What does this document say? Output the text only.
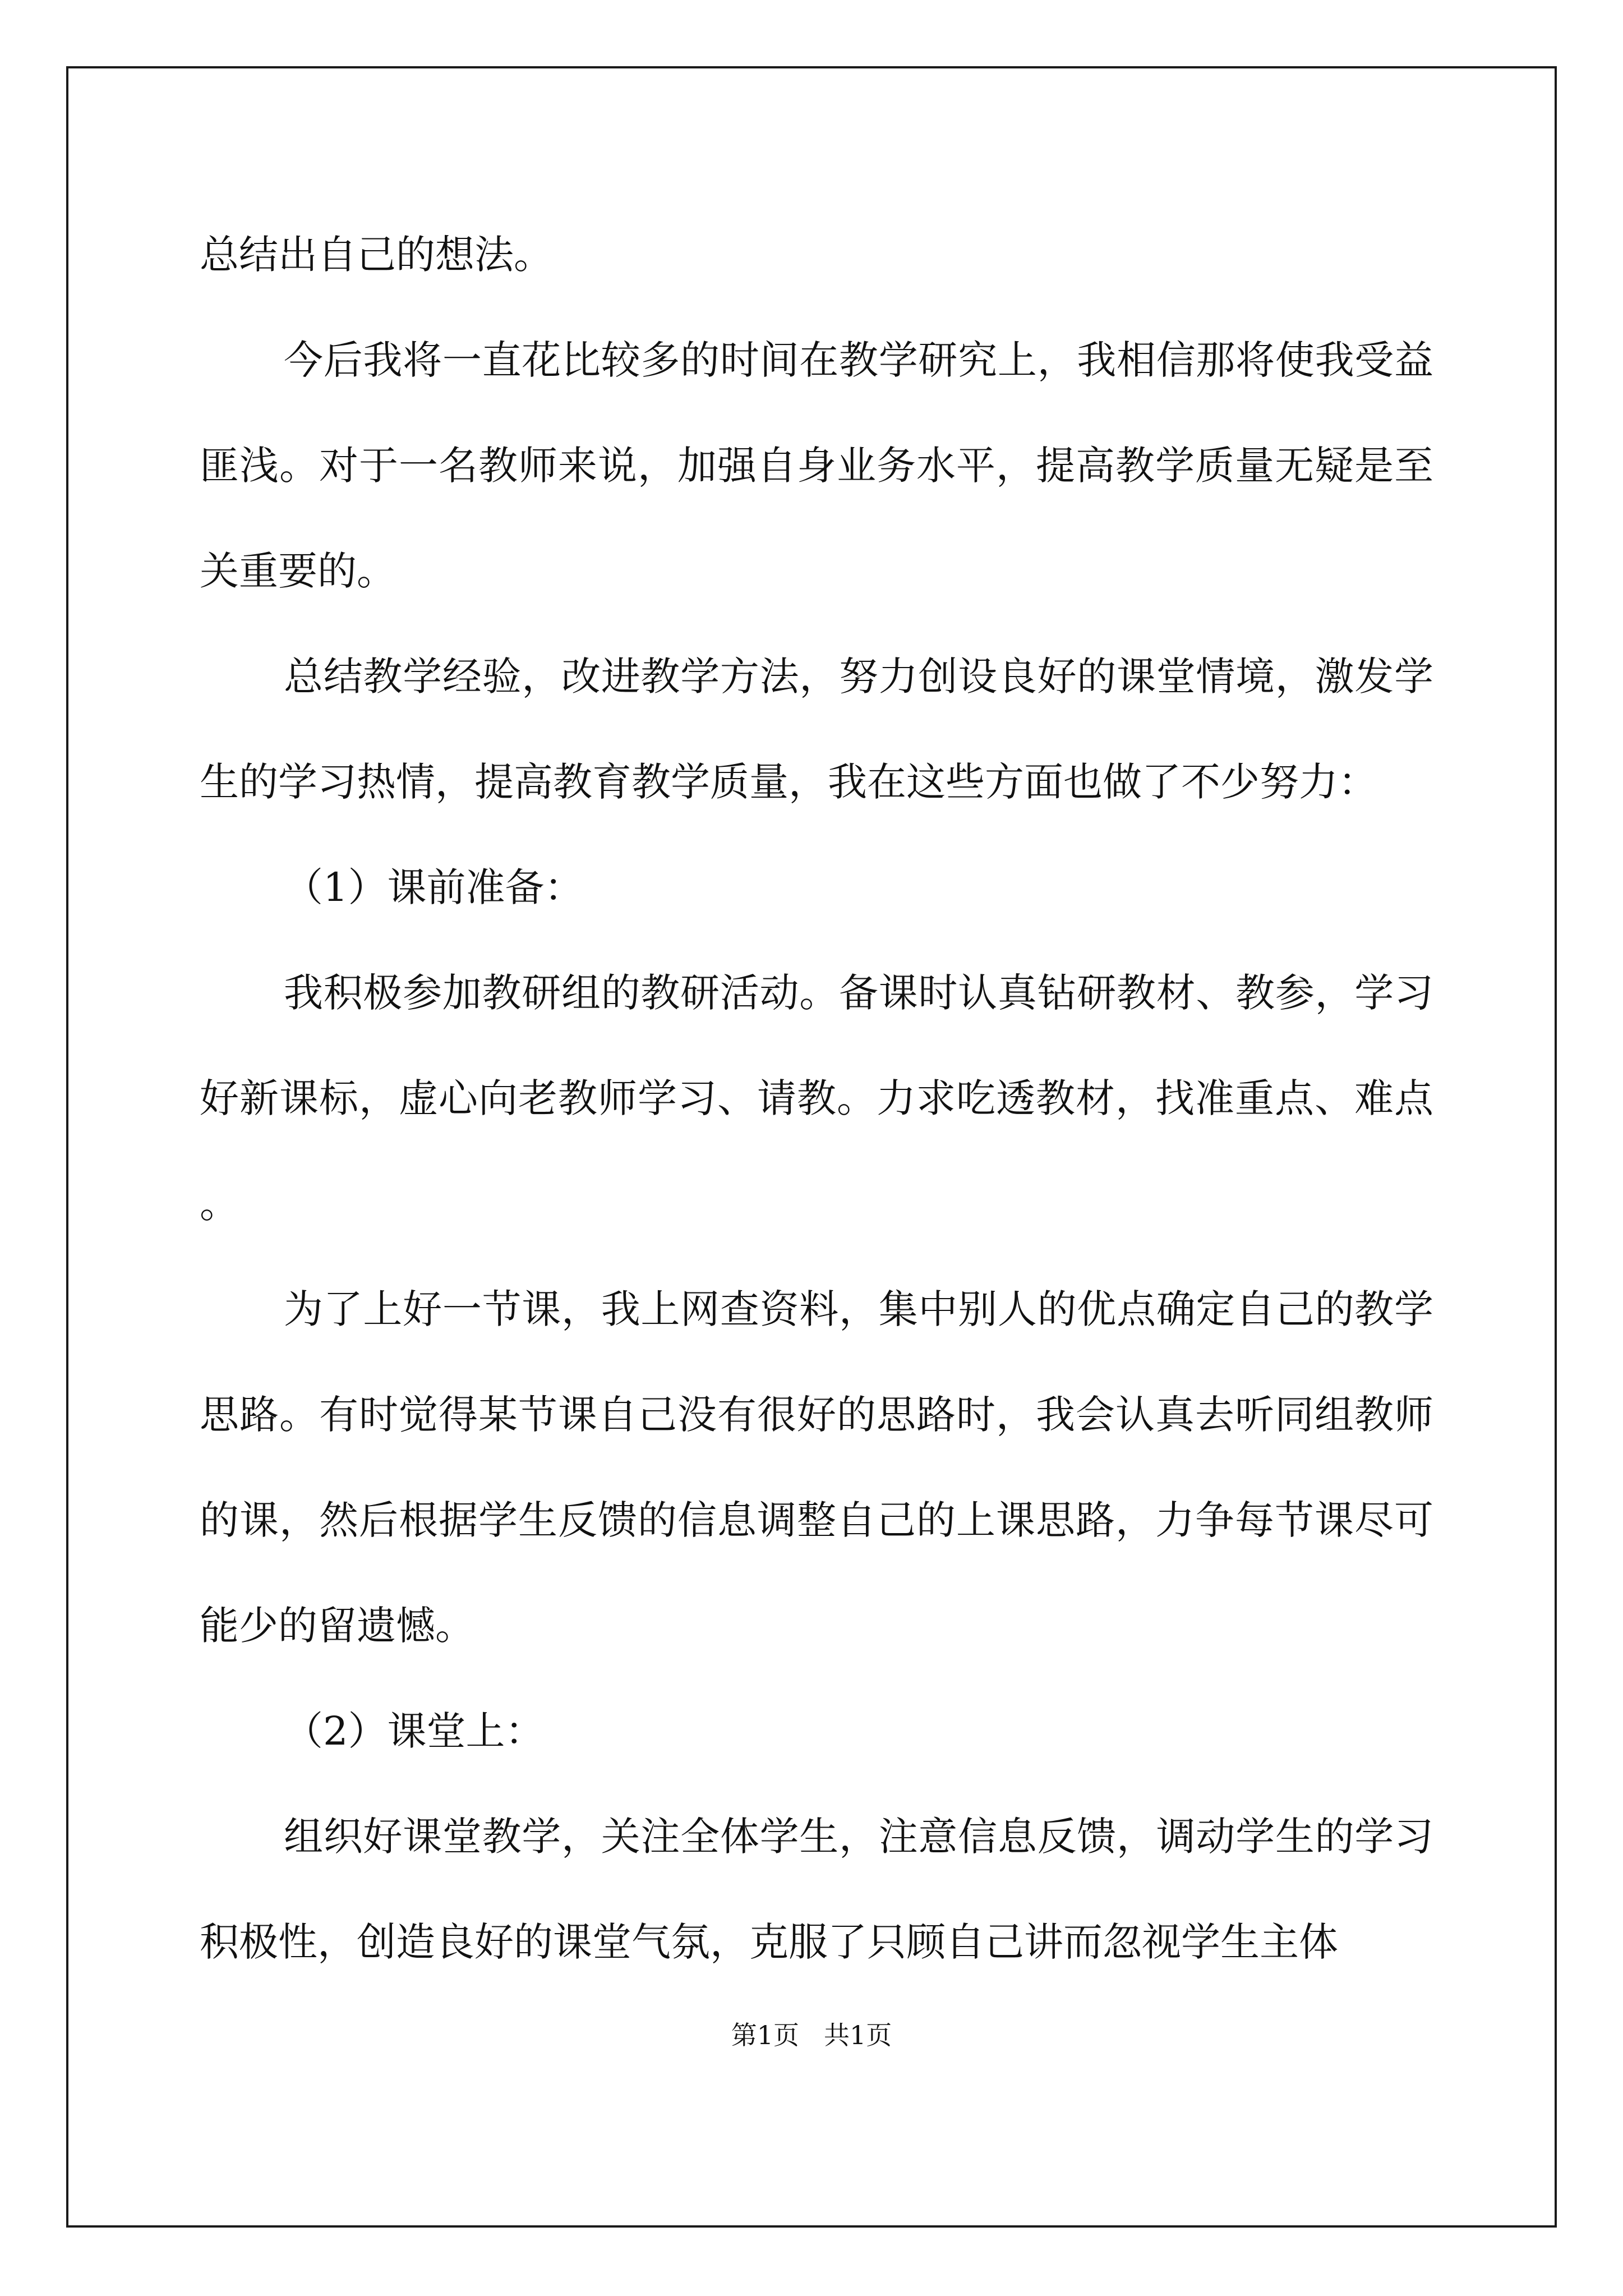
总结出自己的想法。

今后我将一直花比较多的时间在教学研究上，我相信那将使我受益匪浅。对于一名教师来说，加强自身业务水平，提高教学质量无疑是至关重要的。

总结教学经验，改进教学方法，努力创设良好的课堂情境，激发学生的学习热情，提高教育教学质量，我在这些方面也做了不少努力：

（1）课前准备：

我积极参加教研组的教研活动。备课时认真钻研教材、教参，学习好新课标，虚心向老教师学习、请教。力求吃透教材，找准重点、难点。

为了上好一节课，我上网查资料，集中别人的优点确定自己的教学思路。有时觉得某节课自己没有很好的思路时，我会认真去听同组教师的课，然后根据学生反馈的信息调整自己的上课思路，力争每节课尽可能少的留遗憾。

（2）课堂上：

组织好课堂教学，关注全体学生，注意信息反馈，调动学生的学习积极性，创造良好的课堂气氛，克服了只顾自己讲而忽视学生主体

第1页 共1页
